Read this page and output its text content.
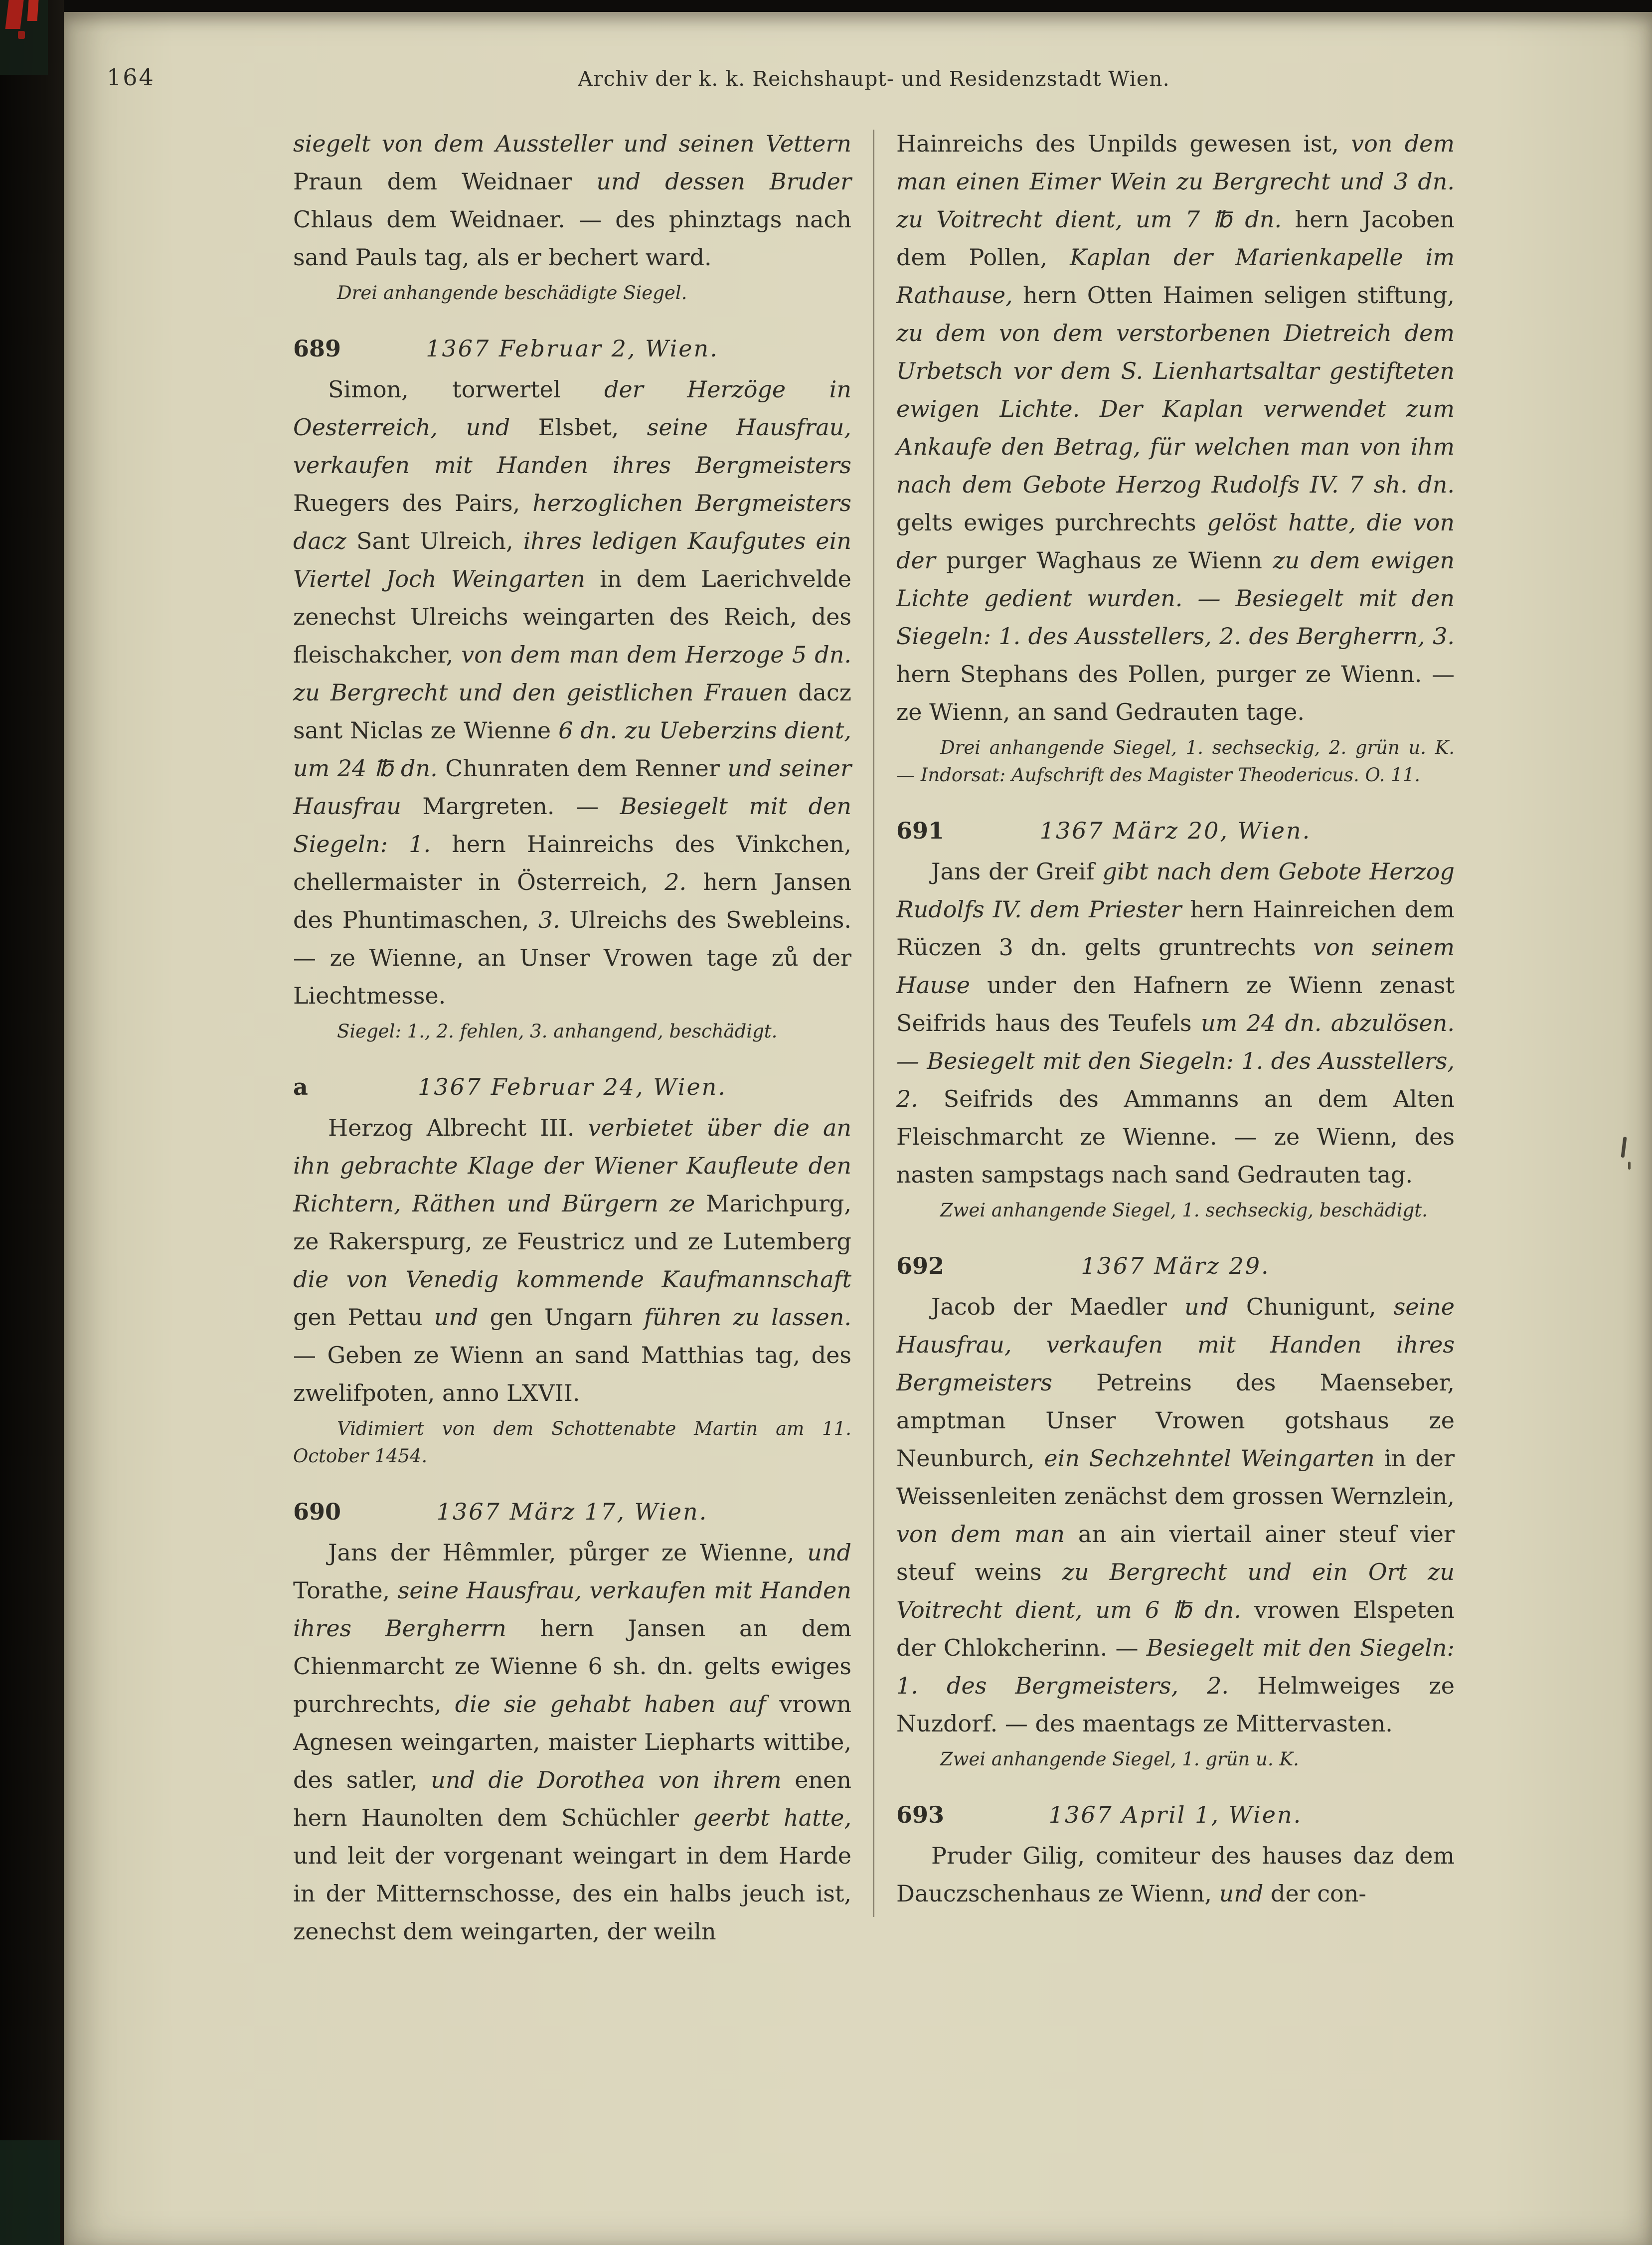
164	Archiv der k. k. Reichshaupt- und Residenzstadt Wien.

siegelt von dem Aussteller und seinen Vettern Praun dem Weidnaer und dessen Bruder Chlaus dem Weidnaer. — des phinztags nach sand Pauls tag, als er bechert ward.

Drei anhangende beschädigte Siegel.

689	1367 Februar 2, Wien.

Simon, torwertel der Herzöge in Oesterreich, und Elsbet, seine Hausfrau, verkaufen mit Handen ihres Bergmeisters Ruegers des Pairs, herzoglichen Bergmeisters dacz Sant Ulreich, ihres ledigen Kaufgutes ein Viertel Joch Weingarten in dem Laerichvelde zenechst Ulreichs weingarten des Reich, des fleischakcher, von dem man dem Herzoge 5 dn. zu Bergrecht und den geistlichen Frauen dacz sant Niclas ze Wienne 6 dn. zu Ueberzins dient, um 24 ℔ dn. Chunraten dem Renner und seiner Hausfrau Margreten. — Besiegelt mit den Siegeln: 1. hern Hainreichs des Vinkchen, chellermaister in Österreich, 2. hern Jansen des Phuntimaschen, 3. Ulreichs des Swebleins. — ze Wienne, an Unser Vrowen tage zů der Liechtmesse.

Siegel: 1., 2. fehlen, 3. anhangend, beschädigt.

a	1367 Februar 24, Wien.

Herzog Albrecht III. verbietet über die an ihn gebrachte Klage der Wiener Kaufleute den Richtern, Räthen und Bürgern ze Marichpurg, ze Rakerspurg, ze Feustricz und ze Lutemberg die von Venedig kommende Kaufmannschaft gen Pettau und gen Ungarn führen zu lassen. — Geben ze Wienn an sand Matthias tag, des zwelifpoten, anno LXVII.

Vidimiert von dem Schottenabte Martin am 11. October 1454.

690	1367 März 17, Wien.

Jans der Hêmmler, půrger ze Wienne, und Torathe, seine Hausfrau, verkaufen mit Handen ihres Bergherrn hern Jansen an dem Chienmarcht ze Wienne 6 sh. dn. gelts ewiges purchrechts, die sie gehabt haben auf vrown Agnesen weingarten, maister Liepharts wittibe, des satler, und die Dorothea von ihrem enen hern Haunolten dem Schüchler geerbt hatte, und leit der vorgenant weingart in dem Harde in der Mitternschosse, des ein halbs jeuch ist, zenechst dem weingarten, der weiln

Hainreichs des Unpilds gewesen ist, von dem man einen Eimer Wein zu Bergrecht und 3 dn. zu Voitrecht dient, um 7 ℔ dn. hern Jacoben dem Pollen, Kaplan der Marienkapelle im Rathause, hern Otten Haimen seligen stiftung, zu dem von dem verstorbenen Dietreich dem Urbetsch vor dem S. Lienhartsaltar gestifteten ewigen Lichte. Der Kaplan verwendet zum Ankaufe den Betrag, für welchen man von ihm nach dem Gebote Herzog Rudolfs IV. 7 sh. dn. gelts ewiges purchrechts gelöst hatte, die von der purger Waghaus ze Wienn zu dem ewigen Lichte gedient wurden. — Besiegelt mit den Siegeln: 1. des Ausstellers, 2. des Bergherrn, 3. hern Stephans des Pollen, purger ze Wienn. — ze Wienn, an sand Gedrauten tage.

Drei anhangende Siegel, 1. sechseckig, 2. grün u. K. — Indorsat: Aufschrift des Magister Theodericus. O. 11.

691	1367 März 20, Wien.

Jans der Greif gibt nach dem Gebote Herzog Rudolfs IV. dem Priester hern Hainreichen dem Rüczen 3 dn. gelts gruntrechts von seinem Hause under den Hafnern ze Wienn zenast Seifrids haus des Teufels um 24 dn. abzulösen. — Besiegelt mit den Siegeln: 1. des Ausstellers, 2. Seifrids des Ammanns an dem Alten Fleischmarcht ze Wienne. — ze Wienn, des nasten sampstags nach sand Gedrauten tag.

Zwei anhangende Siegel, 1. sechseckig, beschädigt.

692	1367 März 29.

Jacob der Maedler und Chunigunt, seine Hausfrau, verkaufen mit Handen ihres Bergmeisters Petreins des Maenseber, amptman Unser Vrowen gotshaus ze Neunburch, ein Sechzehntel Weingarten in der Weissenleiten zenächst dem grossen Wernzlein, von dem man an ain viertail ainer steuf vier steuf weins zu Bergrecht und ein Ort zu Voitrecht dient, um 6 ℔ dn. vrowen Elspeten der Chlokcherinn. — Besiegelt mit den Siegeln: 1. des Bergmeisters, 2. Helmweiges ze Nuzdorf. — des maentags ze Mittervasten.

Zwei anhangende Siegel, 1. grün u. K.

693	1367 April 1, Wien.

Pruder Gilig, comiteur des hauses daz dem Dauczschenhaus ze Wienn, und der con-
